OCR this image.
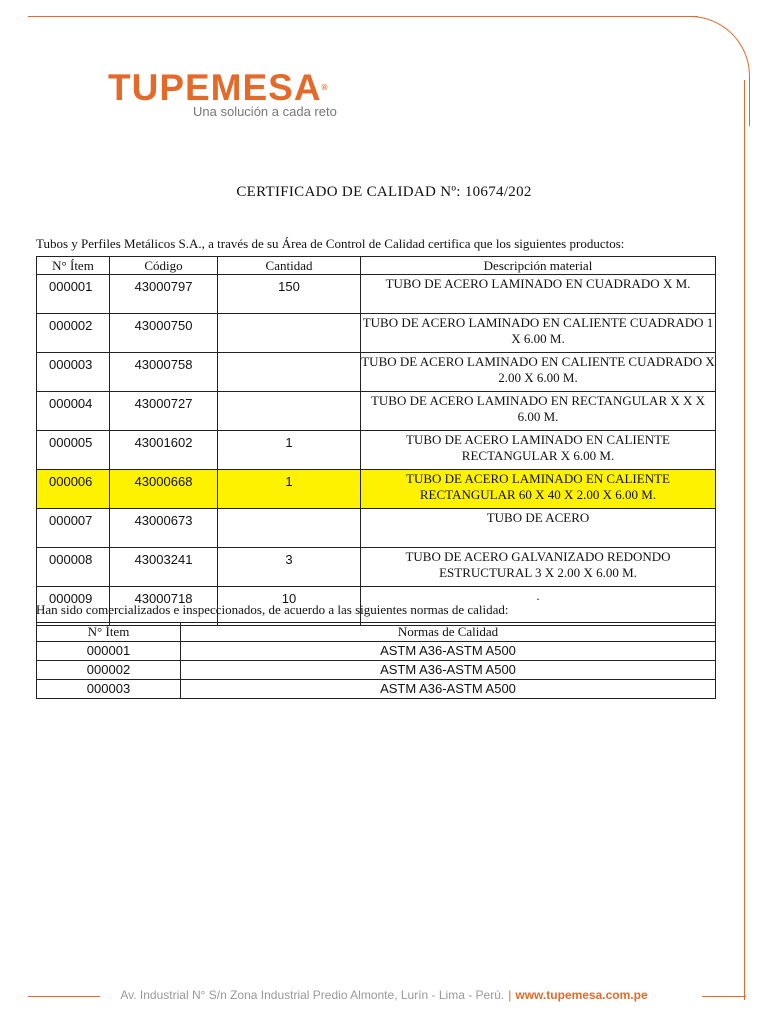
TUPEMESA®
Una solución a cada reto
CERTIFICADO DE CALIDAD Nº: 10674/202
Tubos y Perfiles Metálicos S.A., a través de su Área de Control de Calidad certifica que los siguientes productos:
N° Ítem	Código	Cantidad	Descripción material
000001	43000797	150	TUBO DE ACERO LAMINADO EN CUADRADO X M.
000002	43000750		TUBO DE ACERO LAMINADO EN CALIENTE CUADRADO 1 X 6.00 M.
000003	43000758		TUBO DE ACERO LAMINADO EN CALIENTE CUADRADO X 2.00 X 6.00 M.
000004	43000727		TUBO DE ACERO LAMINADO EN RECTANGULAR X X X 6.00 M.
000005	43001602	1	TUBO DE ACERO LAMINADO EN CALIENTE RECTANGULAR X 6.00 M.
000006	43000668	1	TUBO DE ACERO LAMINADO EN CALIENTE RECTANGULAR 60 X 40 X 2.00 X 6.00 M.
000007	43000673		TUBO DE ACERO
000008	43003241	3	TUBO DE ACERO GALVANIZADO REDONDO ESTRUCTURAL 3 X 2.00 X 6.00 M.
000009	43000718	10	.
Han sido comercializados e inspeccionados, de acuerdo a las siguientes normas de calidad:
N° Ítem	Normas de Calidad
000001	ASTM A36-ASTM A500
000002	ASTM A36-ASTM A500
000003	ASTM A36-ASTM A500
Av. Industrial N° S/n Zona Industrial Predio Almonte, Lurín - Lima - Perú. | www.tupemesa.com.pe
